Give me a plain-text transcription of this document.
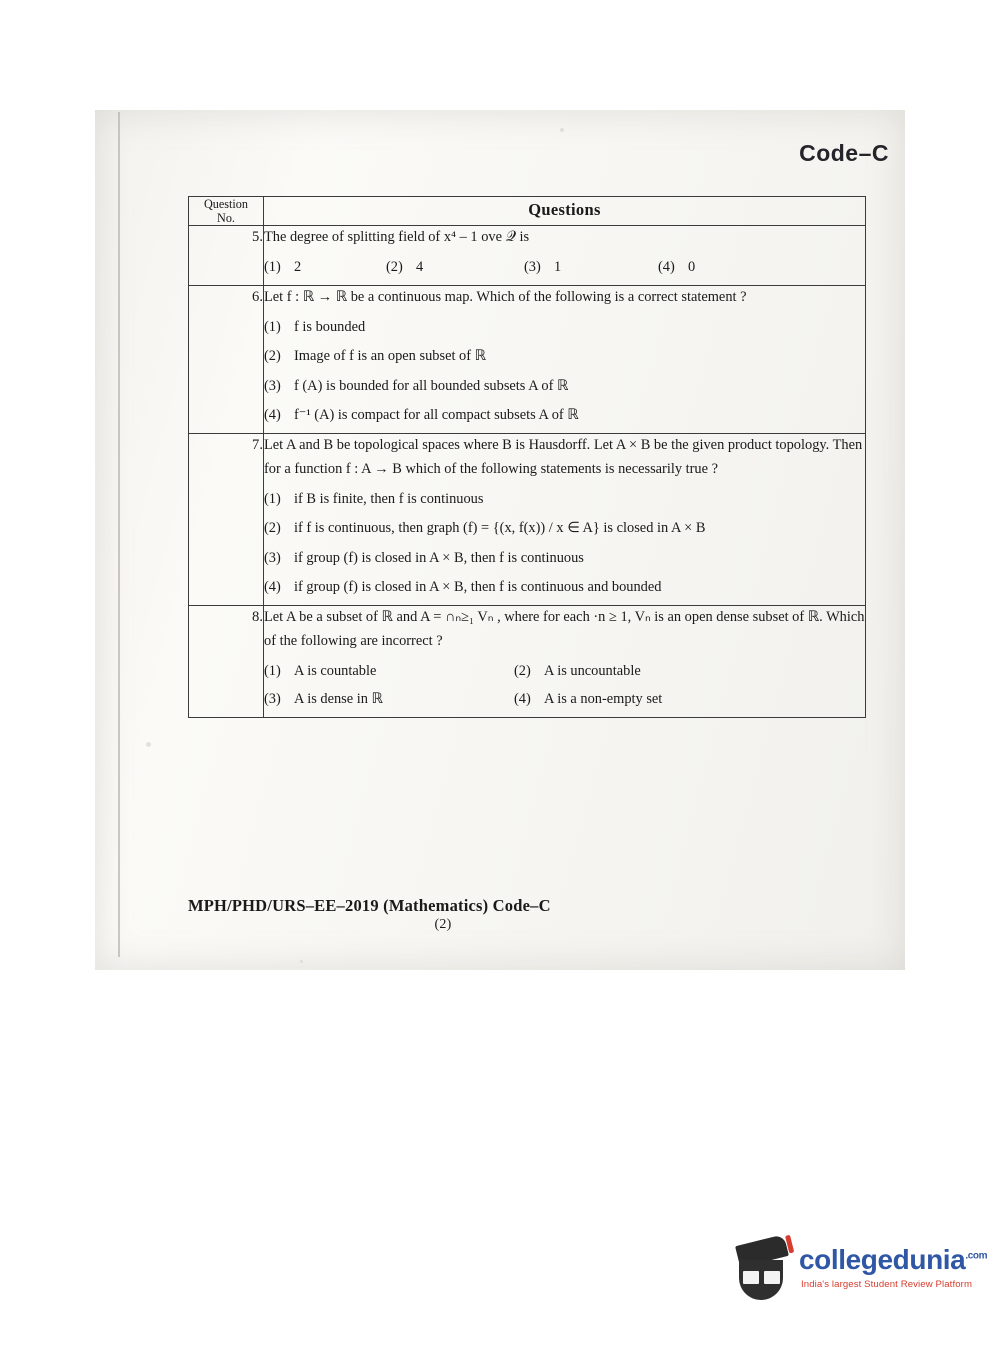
Code–C
Question
No.	Questions
5.	The degree of splitting field of x⁴ – 1 ove 𝒬 is

(1) 2	(2) 4	(3) 1	(4) 0

6.	Let f : ℝ → ℝ be a continuous map. Which of the following is a correct statement ?

(1) f is bounded
(2) Image of f is an open subset of ℝ
(3) f (A) is bounded for all bounded subsets A of ℝ
(4) f⁻¹ (A) is compact for all compact subsets A of ℝ

7.	Let A and B be topological spaces where B is Hausdorff. Let A × B be the given product topology. Then for a function f : A → B which of the following statements is necessarily true ?

(1) if B is finite, then f is continuous
(2) if f is continuous, then graph (f) = {(x, f(x)) / x ∈ A} is closed in A × B
(3) if group (f) is closed in A × B, then f is continuous
(4) if group (f) is closed in A × B, then f is continuous and bounded

8.	Let A be a subset of ℝ and A = ∩ₙ≥₁ Vₙ , where for each ·n ≥ 1, Vₙ is an open dense subset of ℝ. Which of the following are incorrect ?

(1) A is countable	(2) A is uncountable
(3) A is dense in ℝ	(4) A is a non-empty set
MPH/PHD/URS–EE–2019 (Mathematics) Code–C
(2)
collegedunia$^{.com}$
India's largest Student Review Platform
